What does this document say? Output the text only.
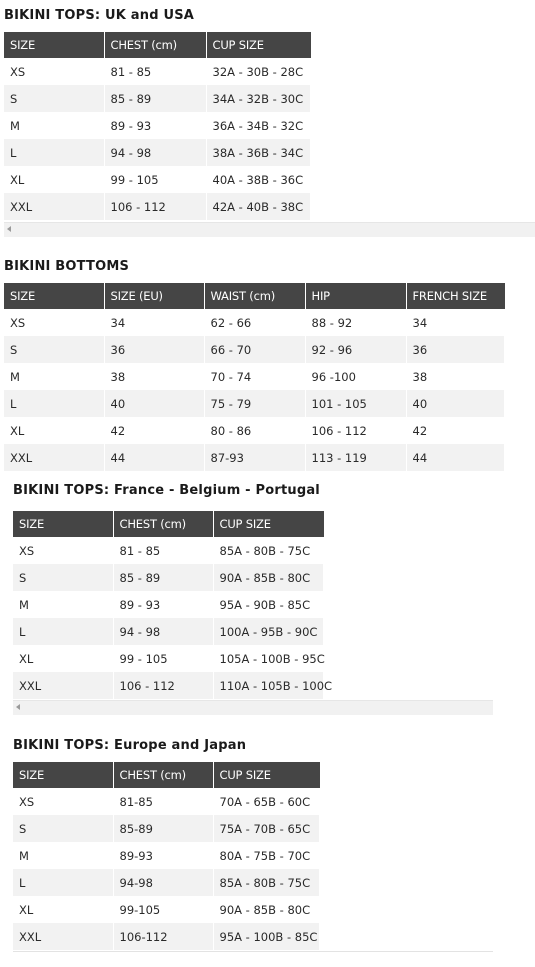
BIKINI TOPS: UK and USA
SIZE	CHEST (cm)	CUP SIZE
XS	81 - 85	32A - 30B - 28C
S	85 - 89	34A - 32B - 30C
M	89 - 93	36A - 34B - 32C
L	94 - 98	38A - 36B - 34C
XL	99 - 105	40A - 38B - 36C
XXL	106 - 112	42A - 40B - 38C
BIKINI BOTTOMS
SIZE	SIZE (EU)	WAIST (cm)	HIP	FRENCH SIZE
XS	34	62 - 66	88 - 92	34
S	36	66 - 70	92 - 96	36
M	38	70 - 74	96 -100	38
L	40	75 - 79	101 - 105	40
XL	42	80 - 86	106 - 112	42
XXL	44	87-93	113 - 119	44
BIKINI TOPS: France - Belgium - Portugal
SIZE	CHEST (cm)	CUP SIZE
XS	81 - 85	85A - 80B - 75C
S	85 - 89	90A - 85B - 80C
M	89 - 93	95A - 90B - 85C
L	94 - 98	100A - 95B - 90C
XL	99 - 105	105A - 100B - 95C
XXL	106 - 112	110A - 105B - 100C
BIKINI TOPS: Europe and Japan
SIZE	CHEST (cm)	CUP SIZE
XS	81-85	70A - 65B - 60C
S	85-89	75A - 70B - 65C
M	89-93	80A - 75B - 70C
L	94-98	85A - 80B - 75C
XL	99-105	90A - 85B - 80C
XXL	106-112	95A - 100B - 85C
